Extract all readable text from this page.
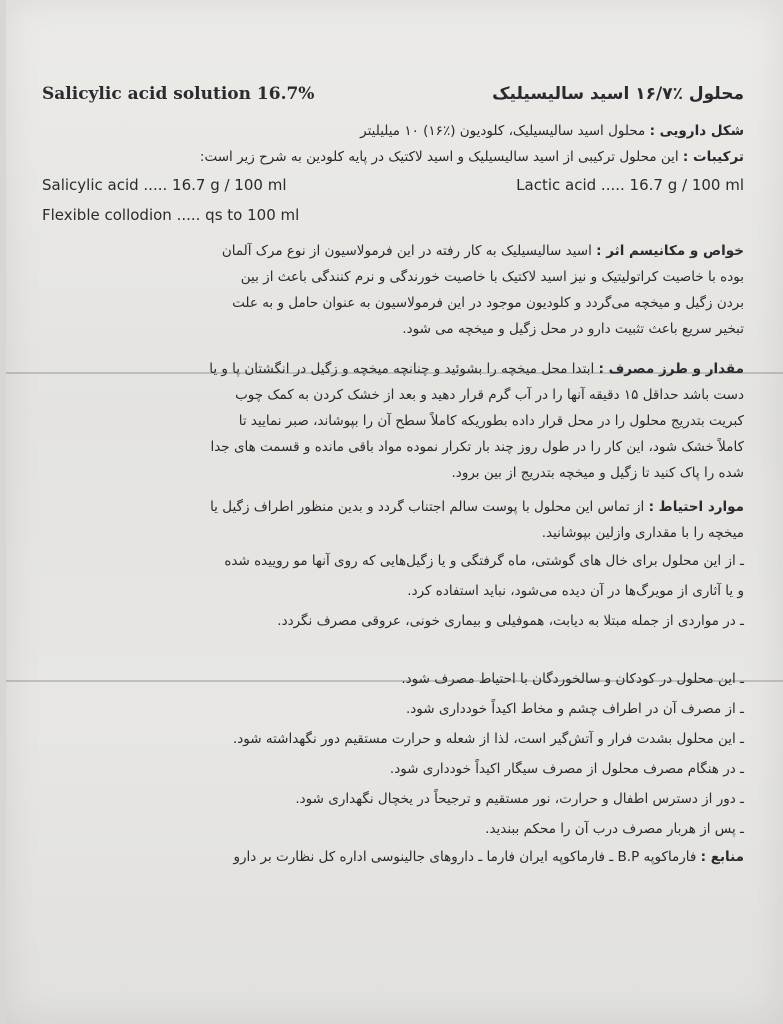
Salicylic acid solution 16.7%	محلول ٪۱۶/۷ اسید سالیسیلیک
شکل دارویی : محلول اسید سالیسیلیک، کلودیون (٪۱۶) ۱۰ میلیلیتر
ترکیبات : این محلول ترکیبی از اسید سالیسیلیک و اسید لاکتیک در پایه کلودین به شرح زیر است:
Salicylic acid ..... 16.7 g / 100 ml	Lactic acid ..... 16.7 g / 100 ml
Flexible collodion ..... qs to 100 ml
خواص و مکانیسم اثر : اسید سالیسیلیک به کار رفته در این فرمولاسیون از نوع مرک آلمان
بوده با خاصیت کراتولیتیک و نیز اسید لاکتیک با خاصیت خورندگی و نرم کنندگی باعث از بین
بردن زگیل و میخچه می‌گردد و کلودیون موجود در این فرمولاسیون به عنوان حامل و به علت
تبخیر سریع باعث تثبیت دارو در محل زگیل و میخچه می شود.
مقدار و طرز مصرف : ابتدا محل میخچه را بشوئید و چنانچه میخچه و زگیل در انگشتان پا و یا
دست باشد حداقل ۱۵ دقیقه آنها را در آب گرم قرار دهید و بعد از خشک کردن به کمک چوب
کبریت بتدریج محلول را در محل قرار داده بطوریکه کاملاً سطح آن را بپوشاند، صبر نمایید تا
کاملاً خشک شود، این کار را در طول روز چند بار تکرار نموده مواد باقی مانده و قسمت های جدا
شده را پاک کنید تا زگیل و میخچه بتدریج از بین برود.
موارد احتیاط : از تماس این محلول با پوست سالم اجتناب گردد و بدین منظور اطراف زگیل یا
میخچه را با مقداری وازلین بپوشانید.
ـ از این محلول برای خال های گوشتی، ماه گرفتگی و یا زگیل‌هایی که روی آنها مو روییده شده
و یا آثاری از مویرگ‌ها در آن دیده می‌شود، نباید استفاده کرد.
ـ در مواردی از جمله مبتلا به دیابت، هموفیلی و بیماری خونی، عروقی مصرف نگردد.
ـ این محلول در کودکان و سالخوردگان با احتیاط مصرف شود.
ـ از مصرف آن در اطراف چشم و مخاط اکیداً خودداری شود.
ـ این محلول بشدت فرار و آتش‌گیر است، لذا از شعله و حرارت مستقیم دور نگهداشته شود.
ـ در هنگام مصرف محلول از مصرف سیگار اکیداً خودداری شود.
ـ دور از دسترس اطفال و حرارت، نور مستقیم و ترجیحاً در یخچال نگهداری شود.
ـ پس از هربار مصرف درب آن را محکم ببندید.
منابع : فارماکوپه B.P ـ فارماکوپه ایران فارما ـ داروهای جالینوسی اداره کل نظارت بر دارو
